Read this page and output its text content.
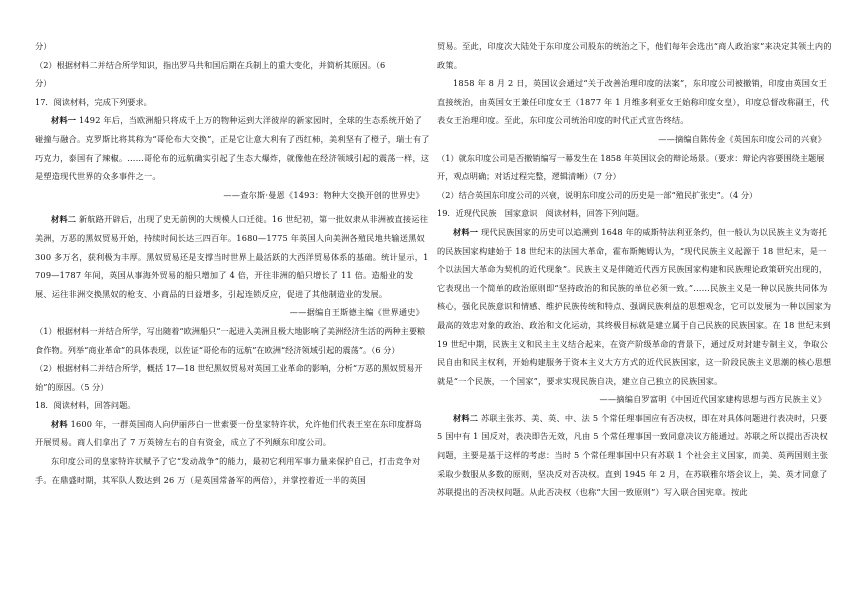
分）

（2）根据材料二并结合所学知识，指出罗马共和国后期在兵制上的重大变化，并简析其原因。（6

分）

17．阅读材料，完成下列要求。

材料一 1492 年后，当欧洲船只将成千上万的物种运到大洋彼岸的新家园时，全球的生态系统开始了碰撞与融合。克罗斯比将其称为“哥伦布大交换”，正是它让意大利有了西红柿，美利坚有了橙子，瑞士有了巧克力，泰国有了辣椒。……哥伦布的远航确实引起了生态大爆炸，就像他在经济领域引起的震荡一样，这是塑造现代世界的众多事件之一。

——查尔斯·曼恩《1493：物种大交换开创的世界史》

材料二 新航路开辟后，出现了史无前例的大规模人口迁徙。16 世纪初，第一批奴隶从非洲被直接运往美洲，万恶的黑奴贸易开始，持续时间长达三四百年。1680—1775 年英国人向美洲各殖民地共输送黑奴 300 多万名，获利极为丰厚。黑奴贸易还是支撑当时世界上最活跃的大西洋贸易体系的基础。统计显示，1709—1787 年间，英国从事海外贸易的船只增加了 4 倍，开往非洲的船只增长了 11 倍。造船业的发展、运往非洲交换黑奴的枪支、小商品的日益增多，引起连锁反应，促进了其他制造业的发展。

——据编自王斯德主编《世界通史》

（1）根据材料一并结合所学，写出随着“欧洲船只”一起进入美洲且极大地影响了美洲经济生活的两种主要粮食作物。列举“商业革命”的具体表现，以佐证“哥伦布的远航”在欧洲“经济领域引起的震荡”。（6 分）

（2）根据材料二并结合所学，概括 17—18 世纪黑奴贸易对英国工业革命的影响，分析“万恶的黑奴贸易开始”的原因。（5 分）

18．阅读材料，回答问题。

材料 1600 年，一群英国商人向伊丽莎白一世索要一份皇家特许状，允许他们代表王室在东印度群岛开展贸易。商人们拿出了 7 万英镑左右的自有资金，成立了不列颠东印度公司。

东印度公司的皇家特许状赋予了它“发动战争”的能力，最初它利用军事力量来保护自己，打击竞争对手。在鼎盛时期，其军队人数达到 26 万（是英国常备军的两倍），并掌控着近一半的英国

贸易。至此，印度次大陆处于东印度公司股东的统治之下，他们每年会选出“商人政治家”来决定其领土内的政策。

1858 年 8 月 2 日，英国议会通过“关于改善治理印度的法案”，东印度公司被撤销，印度由英国女王直接统治，由英国女王兼任印度女王（1877 年 1 月维多利亚女王始称印度女皇），印度总督改称副王，代表女王治理印度。至此，东印度公司统治印度的时代正式宣告终结。

——摘编自陈传金《英国东印度公司的兴衰》

（1）就东印度公司是否撤销编写一幕发生在 1858 年英国议会的辩论场景。（要求：辩论内容要围绕主题展开，观点明确；对话过程完整，逻辑清晰）（7 分）

（2）结合英国东印度公司的兴衰，说明东印度公司的历史是一部“殖民扩张史”。（4 分）

19．近现代民族　国家意识　阅读材料，回答下列问题。

材料一 现代民族国家的历史可以追溯到 1648 年的威斯特法利亚条约，但一般认为以民族主义为寄托的民族国家构建始于 18 世纪末的法国大革命，霍布斯鲍姆认为，“现代民族主义起源于 18 世纪末，是一个以法国大革命为契机的近代现象”。民族主义是伴随近代西方民族国家构建和民族理论政策研究出现的，它表现出一个简单的政治原则即“坚持政治的和民族的单位必须一致。”……民族主义是一种以民族共同体为核心，强化民族意识和情感、维护民族传统和特点、强调民族利益的思想观念，它可以发展为一种以国家为最高的效忠对象的政治、政治和文化运动，其终极目标就是建立属于自己民族的民族国家。在 18 世纪末到 19 世纪中期，民族主义和民主主义结合起来，在资产阶级革命的背景下，通过反对封建专制主义，争取公民自由和民主权利，开始构建服务于资本主义大方方式的近代民族国家，这一阶段民族主义思潮的核心思想就是“一个民族，一个国家”，要求实现民族自决，建立自己独立的民族国家。

——摘编自罗富明《中国近代国家建构思想与西方民族主义》

材料二 苏联主张苏、美、英、中、法 5 个常任理事国应有否决权，即在对具体问题进行表决时，只要 5 国中有 1 国反对，表决即告无效，凡由 5 个常任理事国一致同意决议方能通过。苏联之所以提出否决权问题，主要是基于这样的考虑：当时 5 个常任理事国中只有苏联 1 个社会主义国家，而美、英两国则主张采取少数服从多数的原则，坚决反对否决权。直到 1945 年 2 月，在苏联雅尔塔会议上，美、英才同意了苏联提出的否决权问题。从此否决权（也称“大国一致原则”）写入联合国宪章。按此
